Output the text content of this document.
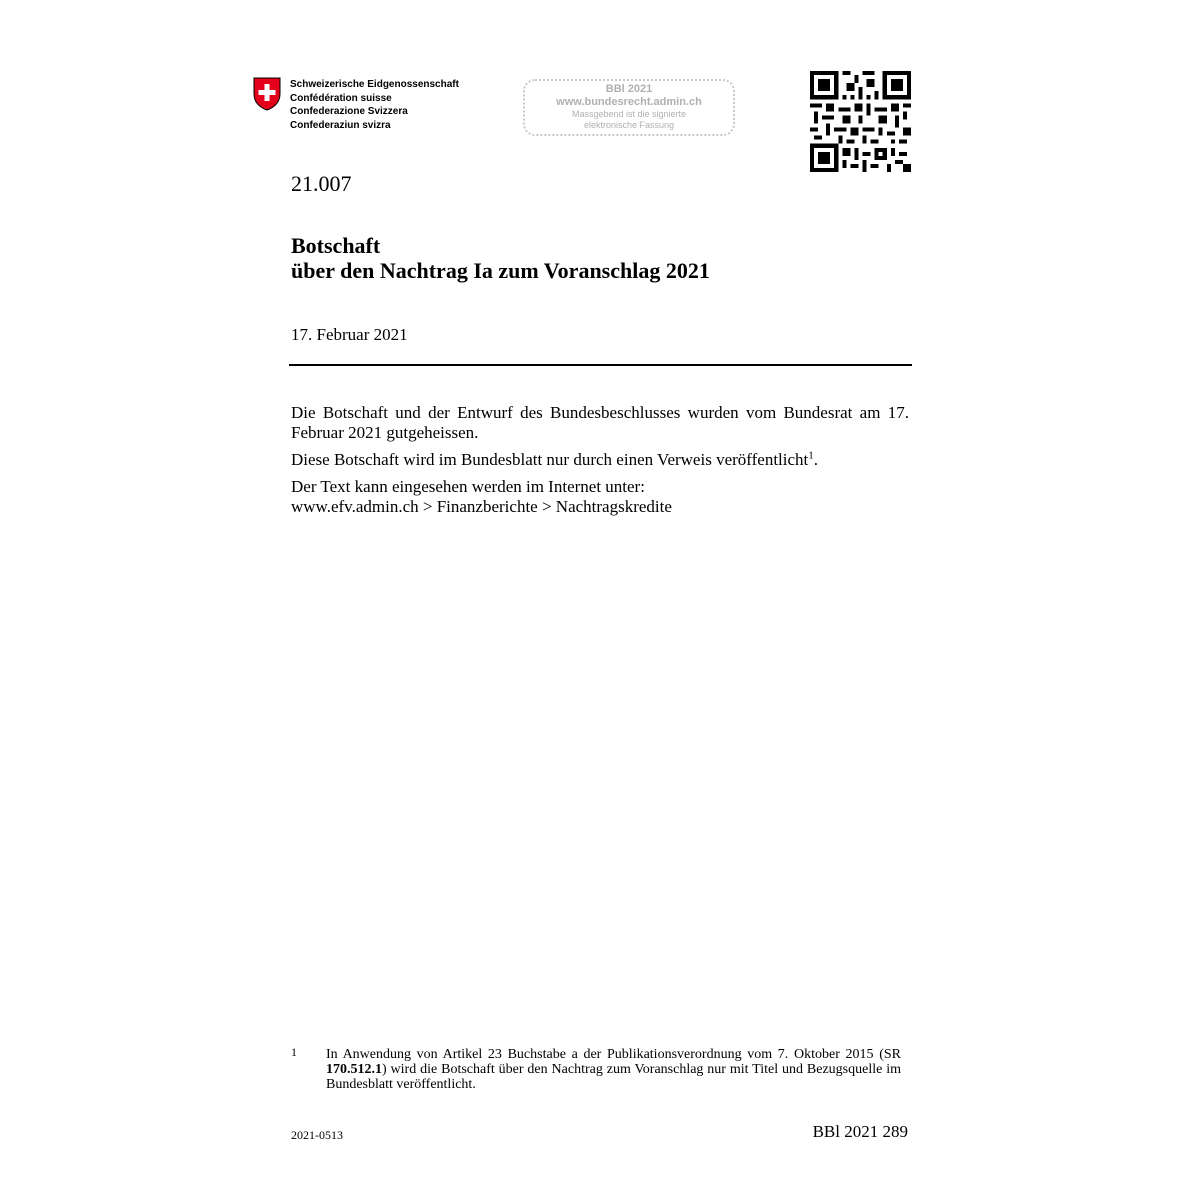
Schweizerische Eidgenossenschaft
Confédération suisse
Confederazione Svizzera
Confederaziun svizra
BBl 2021
www.bundesrecht.admin.ch
Massgebend ist die signierte
elektronische Fassung
21.007
Botschaft
über den Nachtrag Ia zum Voranschlag 2021
17. Februar 2021

Die Botschaft und der Entwurf des Bundesbeschlusses wurden vom Bundesrat am 17. Februar 2021 gutgeheissen.

Diese Botschaft wird im Bundesblatt nur durch einen Verweis veröffentlicht$^1$.

Der Text kann eingesehen werden im Internet unter:
www.efv.admin.ch > Finanzberichte > Nachtragskredite

1 In Anwendung von Artikel 23 Buchstabe a der Publikationsverordnung vom 7. Oktober 2015 (SR 170.512.1) wird die Botschaft über den Nachtrag zum Voranschlag nur mit Titel und Bezugsquelle im Bundesblatt veröffentlicht.
2021-0513	BBl 2021 289
